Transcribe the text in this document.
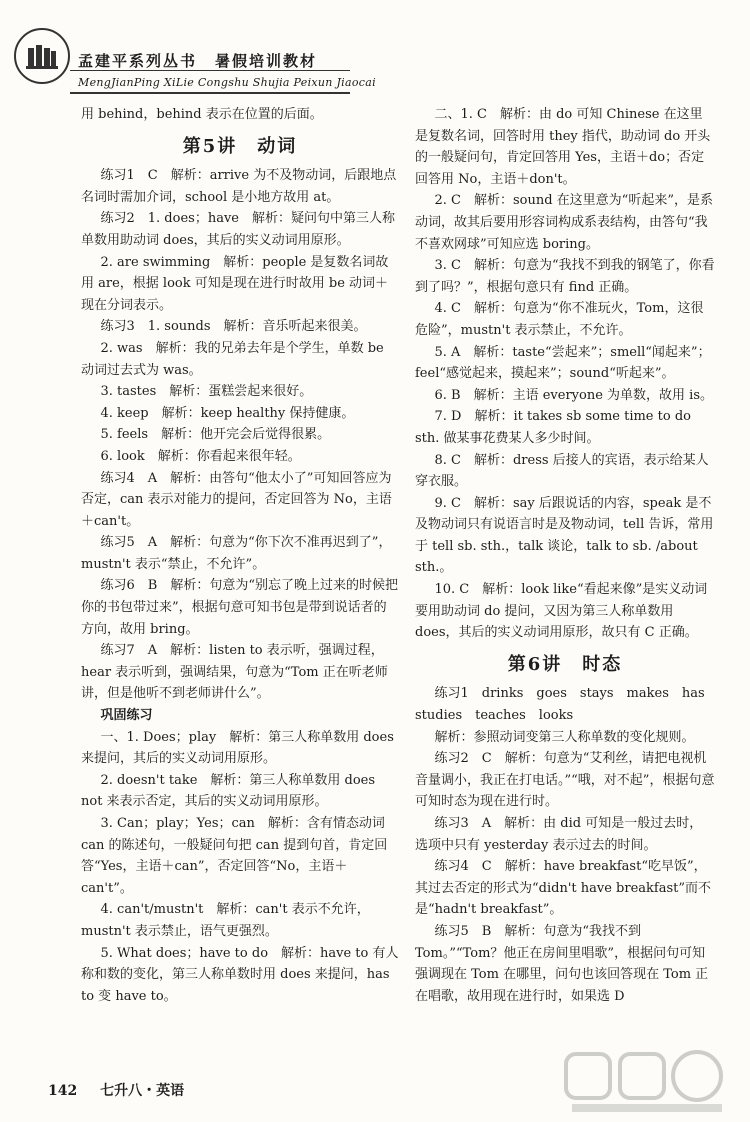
孟建平系列丛书 暑假培训教材
MengJianPing XiLie Congshu Shujia Peixun Jiaocai

用 behind，behind 表示在位置的后面。

第5讲 动词

练习1　C　解析：arrive 为不及物动词，后跟地点名词时需加介词，school 是小地方故用 at。

练习2　1. does；have　解析：疑问句中第三人称单数用助动词 does，其后的实义动词用原形。

2. are swimming　解析：people 是复数名词故用 are，根据 look 可知是现在进行时故用 be 动词＋现在分词表示。

练习3　1. sounds　解析：音乐听起来很美。

2. was　解析：我的兄弟去年是个学生，单数 be 动词过去式为 was。

3. tastes　解析：蛋糕尝起来很好。

4. keep　解析：keep healthy 保持健康。

5. feels　解析：他开完会后觉得很累。

6. look　解析：你看起来很年轻。

练习4　A　解析：由答句“他太小了”可知回答应为否定，can 表示对能力的提问，否定回答为 No，主语＋can't。

练习5　A　解析：句意为“你下次不准再迟到了”，mustn't 表示“禁止，不允许”。

练习6　B　解析：句意为“别忘了晚上过来的时候把你的书包带过来”，根据句意可知书包是带到说话者的方向，故用 bring。

练习7　A　解析：listen to 表示听，强调过程，hear 表示听到，强调结果，句意为“Tom 正在听老师讲，但是他听不到老师讲什么”。

巩固练习

一、1. Does；play　解析：第三人称单数用 does 来提问，其后的实义动词用原形。

2. doesn't take　解析：第三人称单数用 does not 来表示否定，其后的实义动词用原形。

3. Can；play；Yes；can　解析：含有情态动词 can 的陈述句，一般疑问句把 can 提到句首，肯定回答“Yes，主语＋can”，否定回答“No，主语＋can't”。

4. can't/mustn't　解析：can't 表示不允许，mustn't 表示禁止，语气更强烈。

5. What does；have to do　解析：have to 有人称和数的变化，第三人称单数时用 does 来提问，has to 变 have to。

二、1. C　解析：由 do 可知 Chinese 在这里是复数名词，回答时用 they 指代，助动词 do 开头的一般疑问句，肯定回答用 Yes，主语＋do；否定回答用 No，主语＋don't。

2. C　解析：sound 在这里意为“听起来”，是系动词，故其后要用形容词构成系表结构，由答句“我不喜欢网球”可知应选 boring。

3. C　解析：句意为“我找不到我的钢笔了，你看到了吗？”，根据句意只有 find 正确。

4. C　解析：句意为“你不准玩火，Tom，这很危险”，mustn't 表示禁止，不允许。

5. A　解析：taste“尝起来”；smell“闻起来”；feel“感觉起来，摸起来”；sound“听起来”。

6. B　解析：主语 everyone 为单数，故用 is。

7. D　解析：it takes sb some time to do sth. 做某事花费某人多少时间。

8. C　解析：dress 后接人的宾语，表示给某人穿衣服。

9. C　解析：say 后跟说话的内容，speak 是不及物动词只有说语言时是及物动词，tell 告诉，常用于 tell sb. sth.，talk 谈论，talk to sb. /about sth.。

10. C　解析：look like“看起来像”是实义动词要用助动词 do 提问，又因为第三人称单数用 does，其后的实义动词用原形，故只有 C 正确。

第6讲 时态

练习1　drinks　goes　stays　makes　has　studies　teaches　looks

解析：参照动词变第三人称单数的变化规则。

练习2　C　解析：句意为“艾利丝，请把电视机音量调小，我正在打电话。”“哦，对不起”，根据句意可知时态为现在进行时。

练习3　A　解析：由 did 可知是一般过去时，选项中只有 yesterday 表示过去的时间。

练习4　C　解析：have breakfast“吃早饭”，其过去否定的形式为“didn't have breakfast”而不是“hadn't breakfast”。

练习5　B　解析：句意为“我找不到 Tom。”“Tom？他正在房间里唱歌”，根据问句可知强调现在 Tom 在哪里，问句也该回答现在 Tom 正在唱歌，故用现在进行时，如果选 D

142 七升八・英语
